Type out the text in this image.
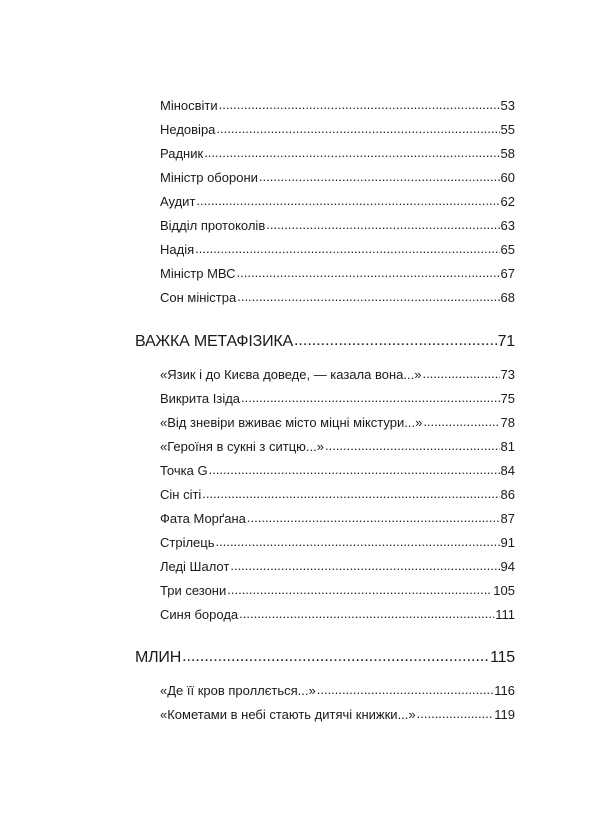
Міносвіти .....	53
Недовіра .....	55
Радник .....	58
Міністр оборони .....	60
Аудит .....	62
Відділ протоколів .....	63
Надія .....	65
Міністр МВС .....	67
Сон міністра .....	68
ВАЖКА МЕТАФІЗИКА .....	71
«Язик і до Києва доведе, — казала вона...» .....	73
Викрита Ізіда .....	75
«Від зневіри вживає місто міцні мікстури...» .....	78
«Героїня в сукні з ситцю...» .....	81
Точка G .....	84
Сін сіті .....	86
Фата Морґана .....	87
Стрілець .....	91
Леді Шалот .....	94
Три сезони .....	105
Синя борода .....	111
МЛИН .....	115
«Де її кров проллється...» .....	116
«Кометами в небі стають дитячі книжки...» .....	119
